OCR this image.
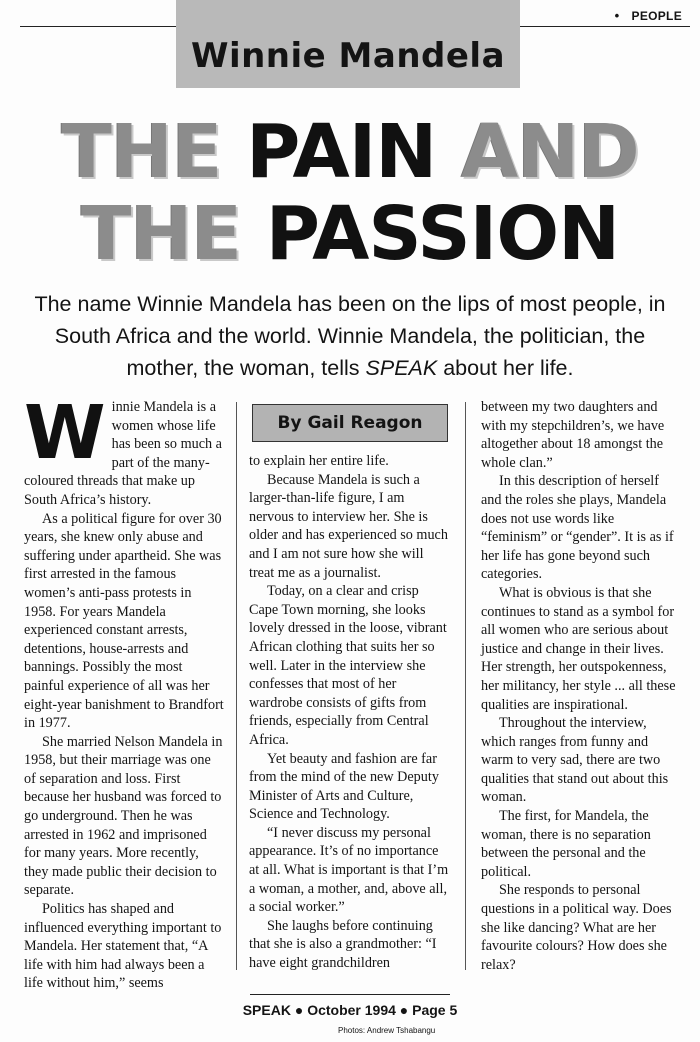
• PEOPLE
Winnie Mandela
THE PAIN AND
THE PASSION
The name Winnie Mandela has been on the lips of most people, in South Africa and the world. Winnie Mandela, the politician, the mother, the woman, tells SPEAK about her life.

Winnie Mandela is a women whose life has been so much a part of the many-coloured threads that make up South Africa’s history.

As a political figure for over 30 years, she knew only abuse and suffering under apartheid. She was first arrested in the famous women’s anti-pass protests in 1958. For years Mandela experienced constant arrests, detentions, house-arrests and bannings. Possibly the most painful experience of all was her eight-year banishment to Brandfort in 1977.

She married Nelson Mandela in 1958, but their marriage was one of separation and loss. First because her husband was forced to go underground. Then he was arrested in 1962 and imprisoned for many years. More recently, they made public their decision to separate.

Politics has shaped and influenced everything important to Mandela. Her statement that, “A life with him had always been a life without him,” seems

By Gail Reagon

to explain her entire life.

Because Mandela is such a larger-than-life figure, I am nervous to interview her. She is older and has experienced so much and I am not sure how she will treat me as a journalist.

Today, on a clear and crisp Cape Town morning, she looks lovely dressed in the loose, vibrant African clothing that suits her so well. Later in the interview she confesses that most of her wardrobe consists of gifts from friends, especially from Central Africa.

Yet beauty and fashion are far from the mind of the new Deputy Minister of Arts and Culture, Science and Technology.

“I never discuss my personal appearance. It’s of no importance at all. What is important is that I’m a woman, a mother, and, above all, a social worker.”

She laughs before continuing that she is also a grandmother: “I have eight grandchildren

between my two daughters and with my stepchildren’s, we have altogether about 18 amongst the whole clan.”

In this description of herself and the roles she plays, Mandela does not use words like “feminism” or “gender”. It is as if her life has gone beyond such categories.

What is obvious is that she continues to stand as a symbol for all women who are serious about justice and change in their lives. Her strength, her outspokenness, her militancy, her style ... all these qualities are inspirational.

Throughout the interview, which ranges from funny and warm to very sad, there are two qualities that stand out about this woman.

The first, for Mandela, the woman, there is no separation between the personal and the political.

She responds to personal questions in a political way. Does she like dancing? What are her favourite colours? How does she relax?

SPEAK ● October 1994 ● Page 5
Photos: Andrew Tshabangu
